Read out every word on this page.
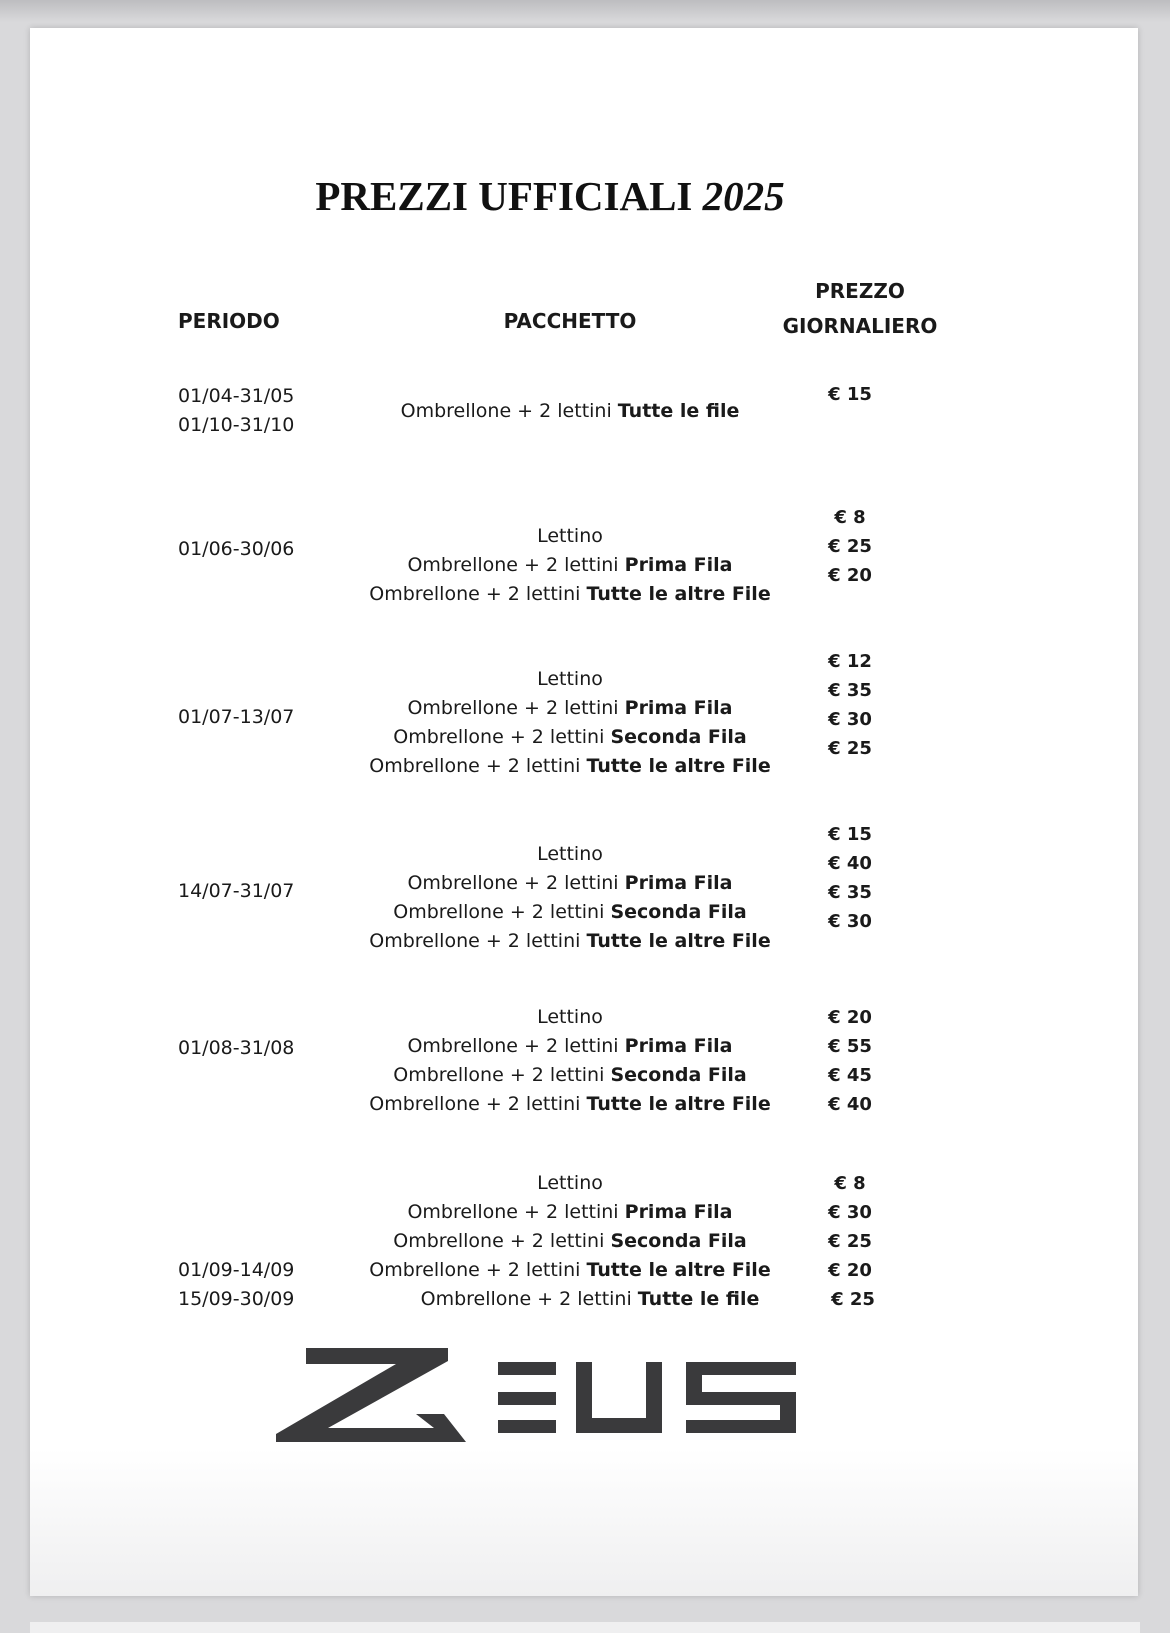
PREZZI UFFICIALI 2025
PERIODO	PACCHETTO
PREZZO
GIORNALIERO
01/04-31/05
01/10-31/10
Ombrellone + 2 lettini Tutte le file
€ 15
01/06-30/06
Lettino
Ombrellone + 2 lettini Prima Fila
Ombrellone + 2 lettini Tutte le altre File
€ 8
€ 25
€ 20
01/07-13/07
Lettino
Ombrellone + 2 lettini Prima Fila
Ombrellone + 2 lettini Seconda Fila
Ombrellone + 2 lettini Tutte le altre File
€ 12
€ 35
€ 30
€ 25
14/07-31/07
Lettino
Ombrellone + 2 lettini Prima Fila
Ombrellone + 2 lettini Seconda Fila
Ombrellone + 2 lettini Tutte le altre File
€ 15
€ 40
€ 35
€ 30
01/08-31/08
Lettino
Ombrellone + 2 lettini Prima Fila
Ombrellone + 2 lettini Seconda Fila
Ombrellone + 2 lettini Tutte le altre File
€ 20
€ 55
€ 45
€ 40
01/09-14/09
15/09-30/09
Lettino
Ombrellone + 2 lettini Prima Fila
Ombrellone + 2 lettini Seconda Fila
Ombrellone + 2 lettini Tutte le altre File
Ombrellone + 2 lettini Tutte le file
€ 8
€ 30
€ 25
€ 20
€ 25
